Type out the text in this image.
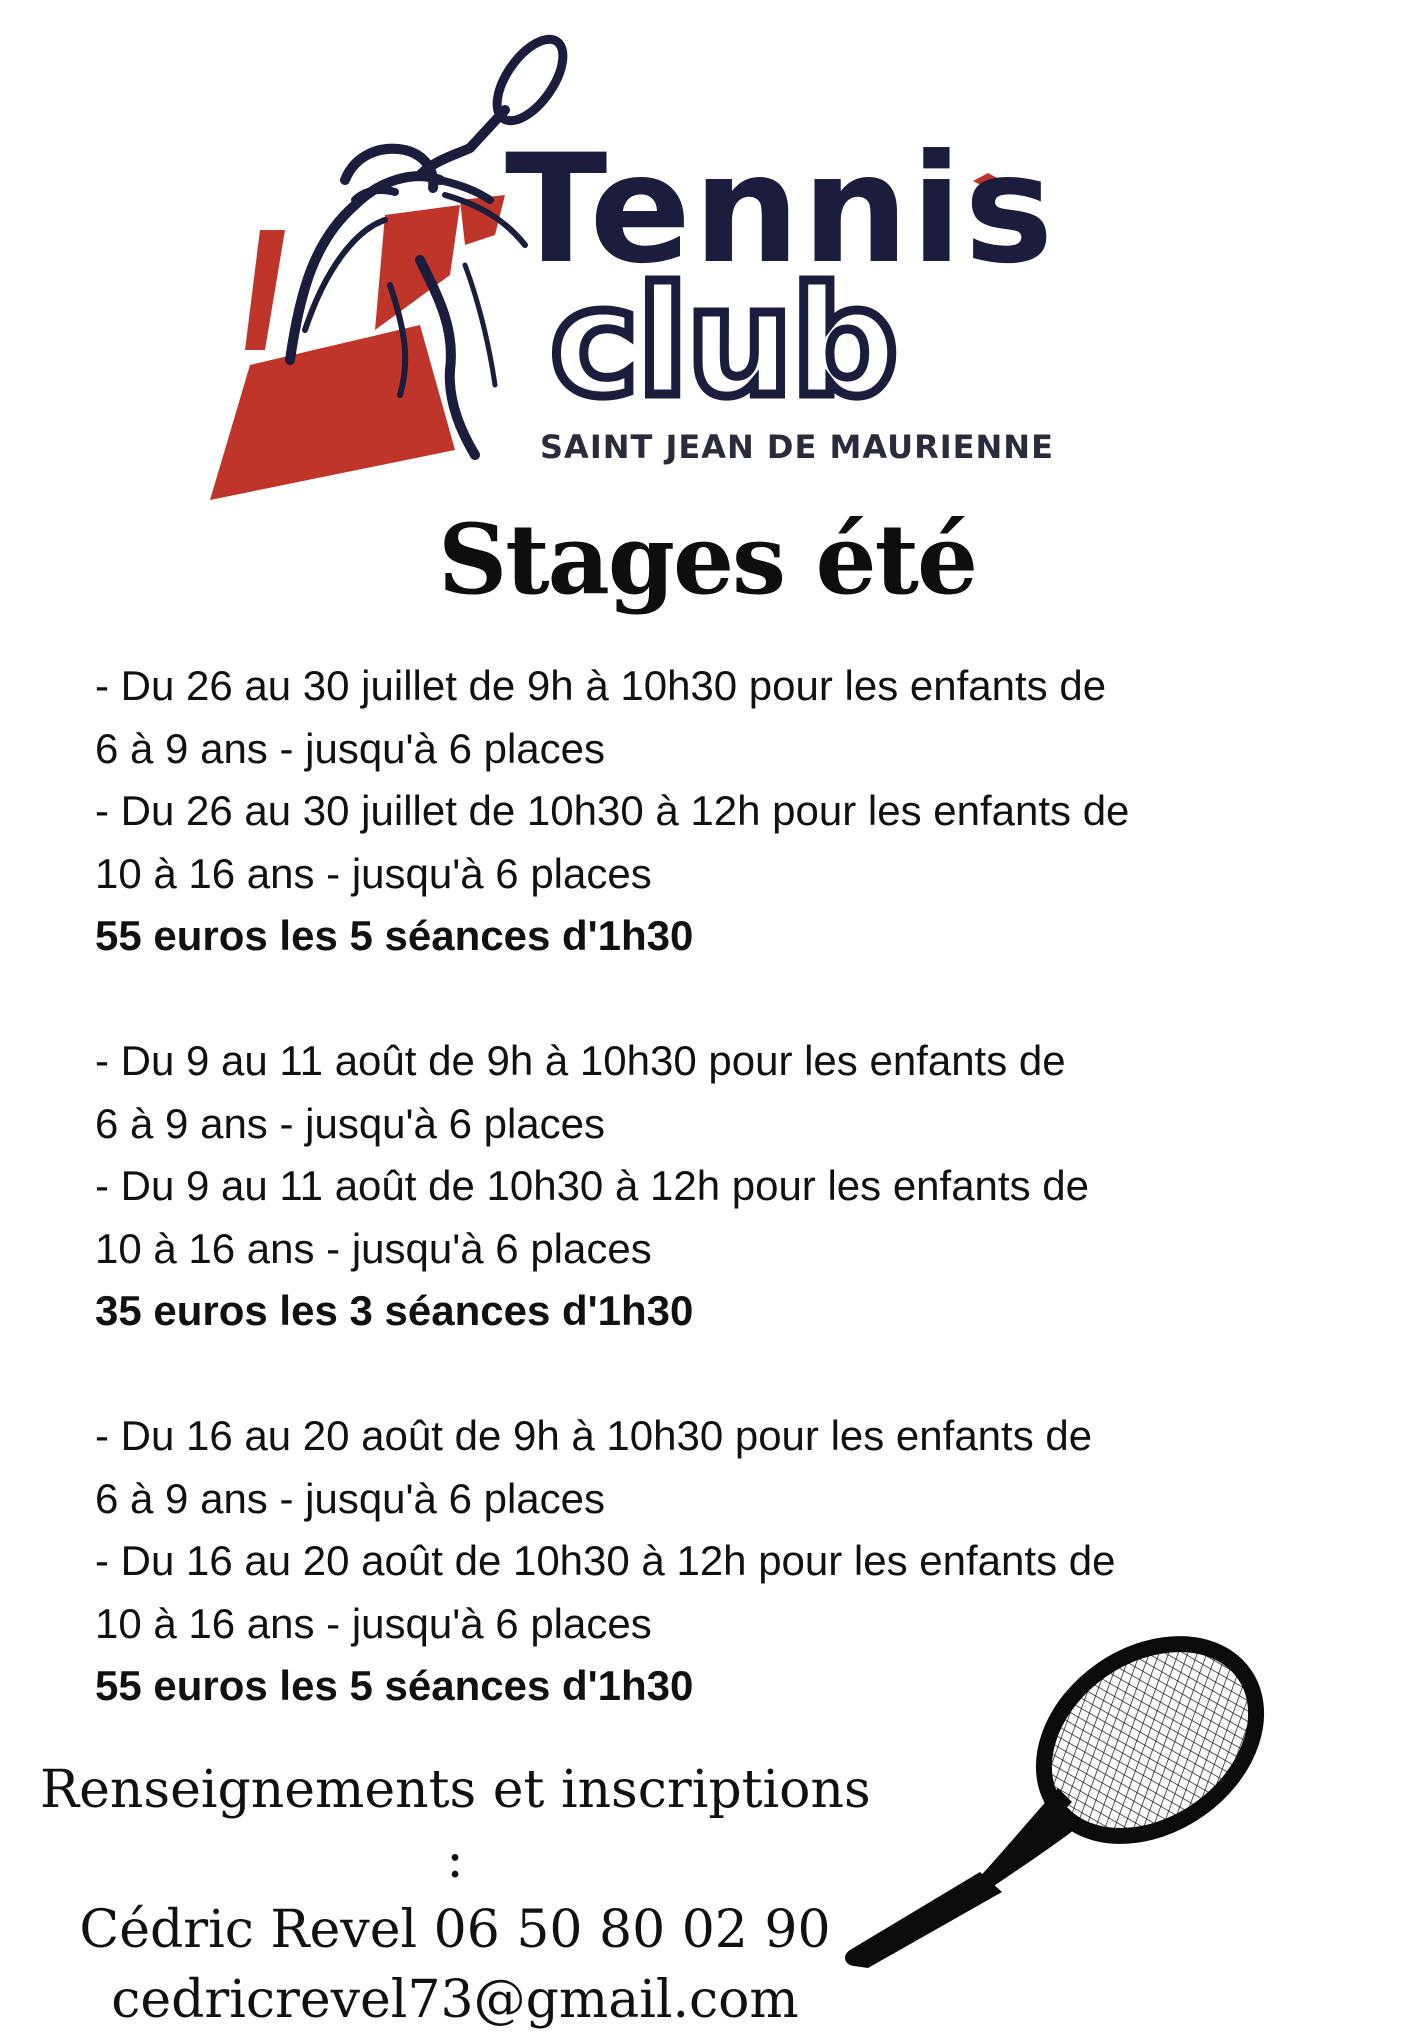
Tennis
club
SAINT JEAN DE MAURIENNE
Stages été

- Du 26 au 30 juillet de 9h à 10h30 pour les enfants de

6 à 9 ans - jusqu'à 6 places

- Du 26 au 30 juillet de 10h30 à 12h pour les enfants de

10 à 16 ans - jusqu'à 6 places

55 euros les 5 séances d'1h30

- Du 9 au 11 août de 9h à 10h30 pour les enfants de

6 à 9 ans - jusqu'à 6 places

- Du 9 au 11 août de 10h30 à 12h pour les enfants de

10 à 16 ans - jusqu'à 6 places

35 euros les 3 séances d'1h30

- Du 16 au 20 août de 9h à 10h30 pour les enfants de

6 à 9 ans - jusqu'à 6 places

- Du 16 au 20 août de 10h30 à 12h pour les enfants de

10 à 16 ans - jusqu'à 6 places

55 euros les 5 séances d'1h30

Renseignements et inscriptions

:

Cédric Revel 06 50 80 02 90

cedricrevel73@gmail.com
